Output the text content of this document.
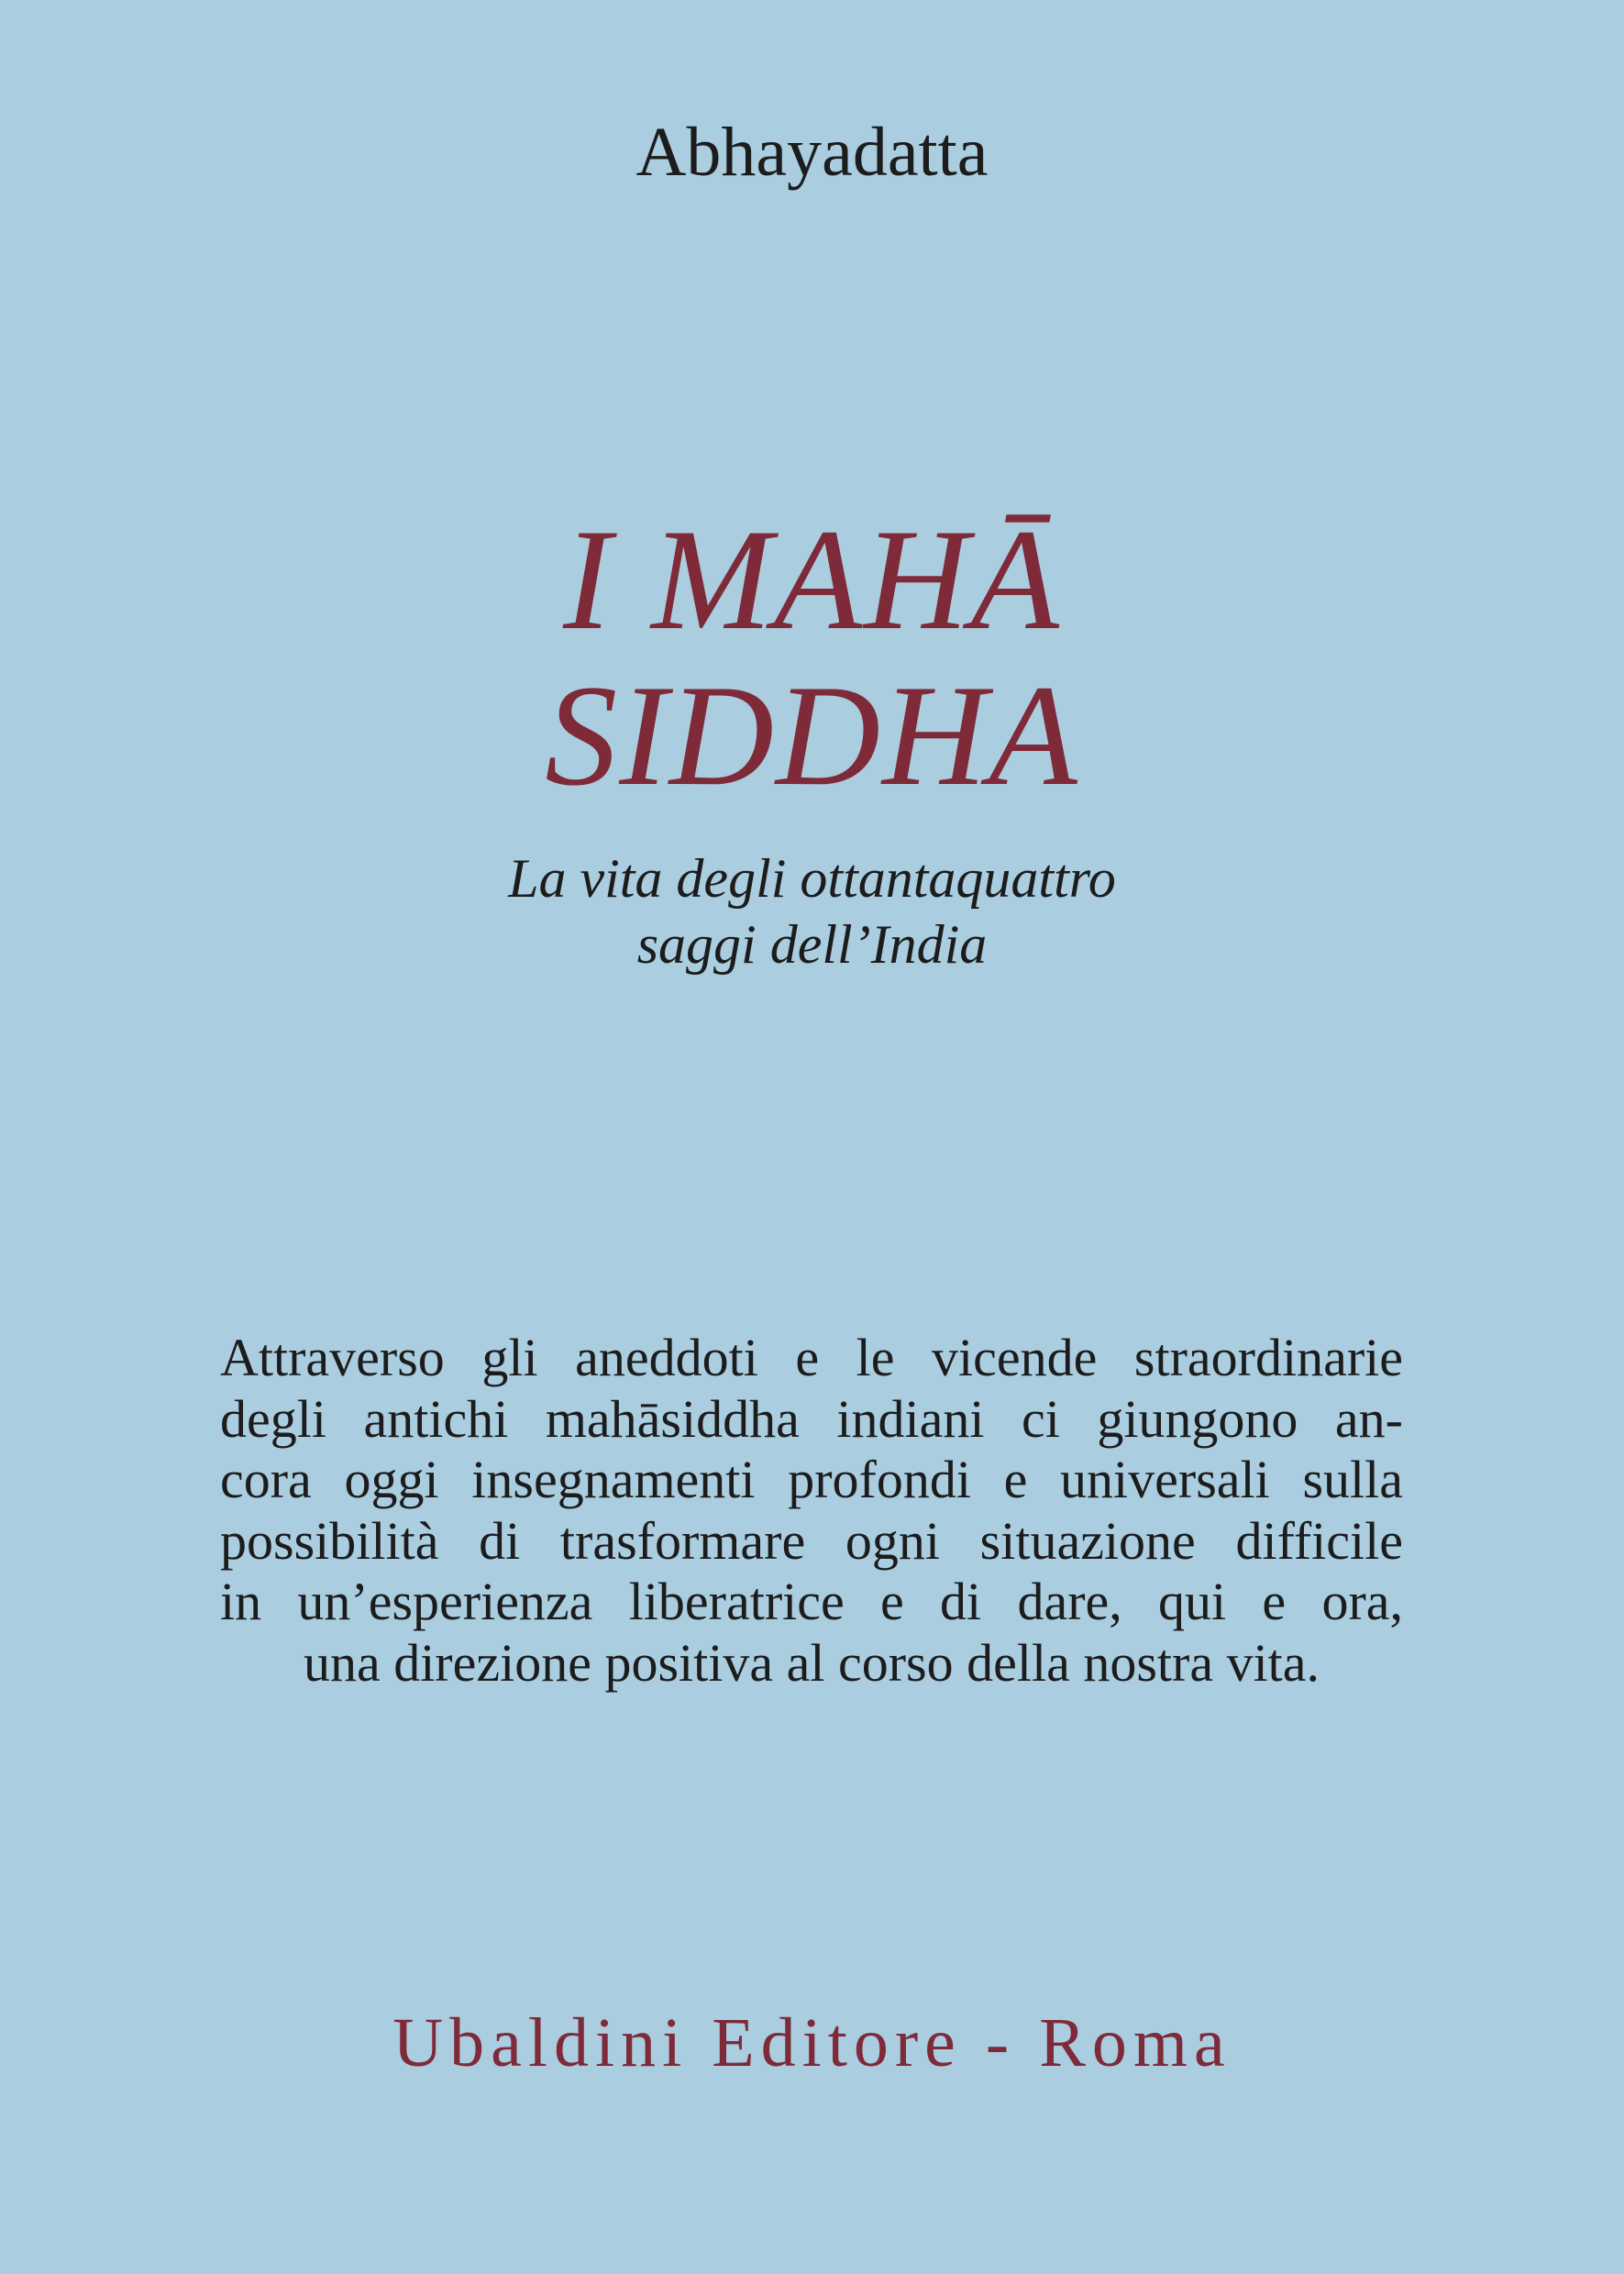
Abhayadatta
I MAHĀ
SIDDHA
La vita degli ottantaquattro
saggi dell’India
Attraverso gli aneddoti e le vicende straordinarie
degli antichi mahāsiddha indiani ci giungono an-
cora oggi insegnamenti profondi e universali sulla
possibilità di trasformare ogni situazione difficile
in un’esperienza liberatrice e di dare, qui e ora,
una direzione positiva al corso della nostra vita.
Ubaldini Editore - Roma
